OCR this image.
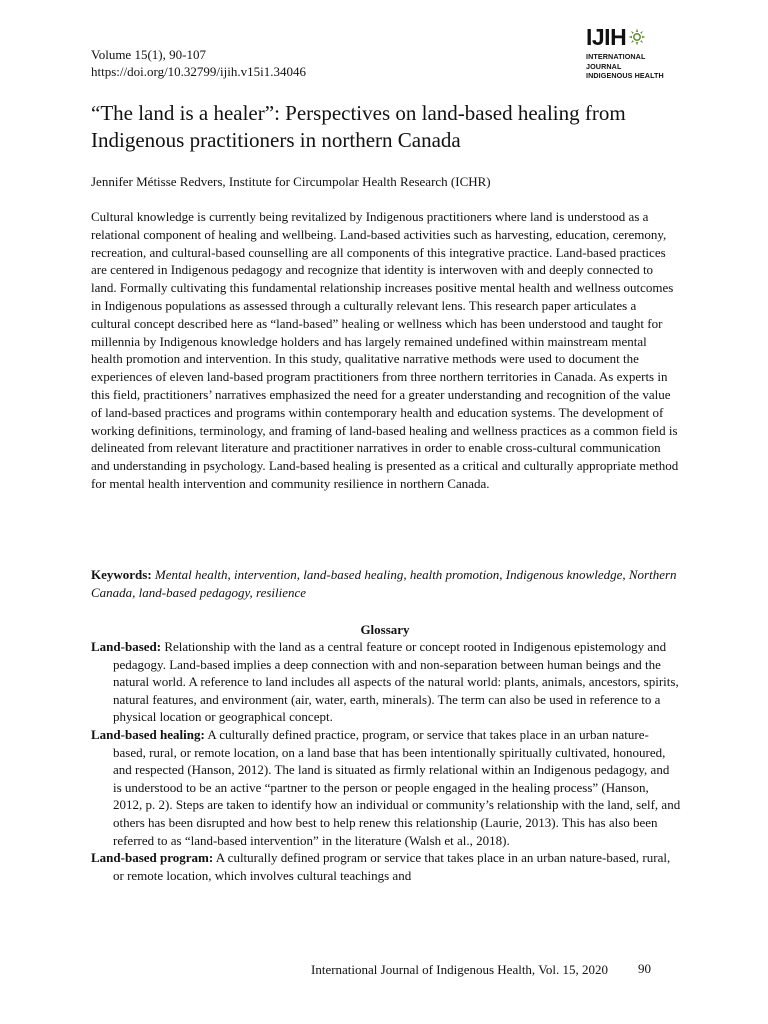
Volume 15(1), 90-107
https://doi.org/10.32799/ijih.v15i1.34046
IJIH
INTERNATIONAL JOURNAL
INDIGENOUS HEALTH
“The land is a healer”: Perspectives on land-based healing from Indigenous practitioners in northern Canada
Jennifer Métisse Redvers, Institute for Circumpolar Health Research (ICHR)

Cultural knowledge is currently being revitalized by Indigenous practitioners where land is understood as a relational component of healing and wellbeing. Land-based activities such as harvesting, education, ceremony, recreation, and cultural-based counselling are all components of this integrative practice. Land-based practices are centered in Indigenous pedagogy and recognize that identity is interwoven with and deeply connected to land. Formally cultivating this fundamental relationship increases positive mental health and wellness outcomes in Indigenous populations as assessed through a culturally relevant lens. This research paper articulates a cultural concept described here as “land-based” healing or wellness which has been understood and taught for millennia by Indigenous knowledge holders and has largely remained undefined within mainstream mental health promotion and intervention. In this study, qualitative narrative methods were used to document the experiences of eleven land-based program practitioners from three northern territories in Canada. As experts in this field, practitioners’ narratives emphasized the need for a greater understanding and recognition of the value of land-based practices and programs within contemporary health and education systems. The development of working definitions, terminology, and framing of land-based healing and wellness practices as a common field is delineated from relevant literature and practitioner narratives in order to enable cross-cultural communication and understanding in psychology. Land-based healing is presented as a critical and culturally appropriate method for mental health intervention and community resilience in northern Canada.

Keywords: Mental health, intervention, land-based healing, health promotion, Indigenous knowledge, Northern Canada, land-based pedagogy, resilience

Glossary

Land-based: Relationship with the land as a central feature or concept rooted in Indigenous epistemology and pedagogy. Land-based implies a deep connection with and non-separation between human beings and the natural world. A reference to land includes all aspects of the natural world: plants, animals, ancestors, spirits, natural features, and environment (air, water, earth, minerals). The term can also be used in reference to a physical location or geographical concept.

Land-based healing: A culturally defined practice, program, or service that takes place in an urban nature-based, rural, or remote location, on a land base that has been intentionally spiritually cultivated, honoured, and respected (Hanson, 2012). The land is situated as firmly relational within an Indigenous pedagogy, and is understood to be an active “partner to the person or people engaged in the healing process” (Hanson, 2012, p. 2). Steps are taken to identify how an individual or community’s relationship with the land, self, and others has been disrupted and how best to help renew this relationship (Laurie, 2013). This has also been referred to as “land-based intervention” in the literature (Walsh et al., 2018).

Land-based program: A culturally defined program or service that takes place in an urban nature-based, rural, or remote location, which involves cultural teachings and

International Journal of Indigenous Health, Vol. 15, 2020 90
